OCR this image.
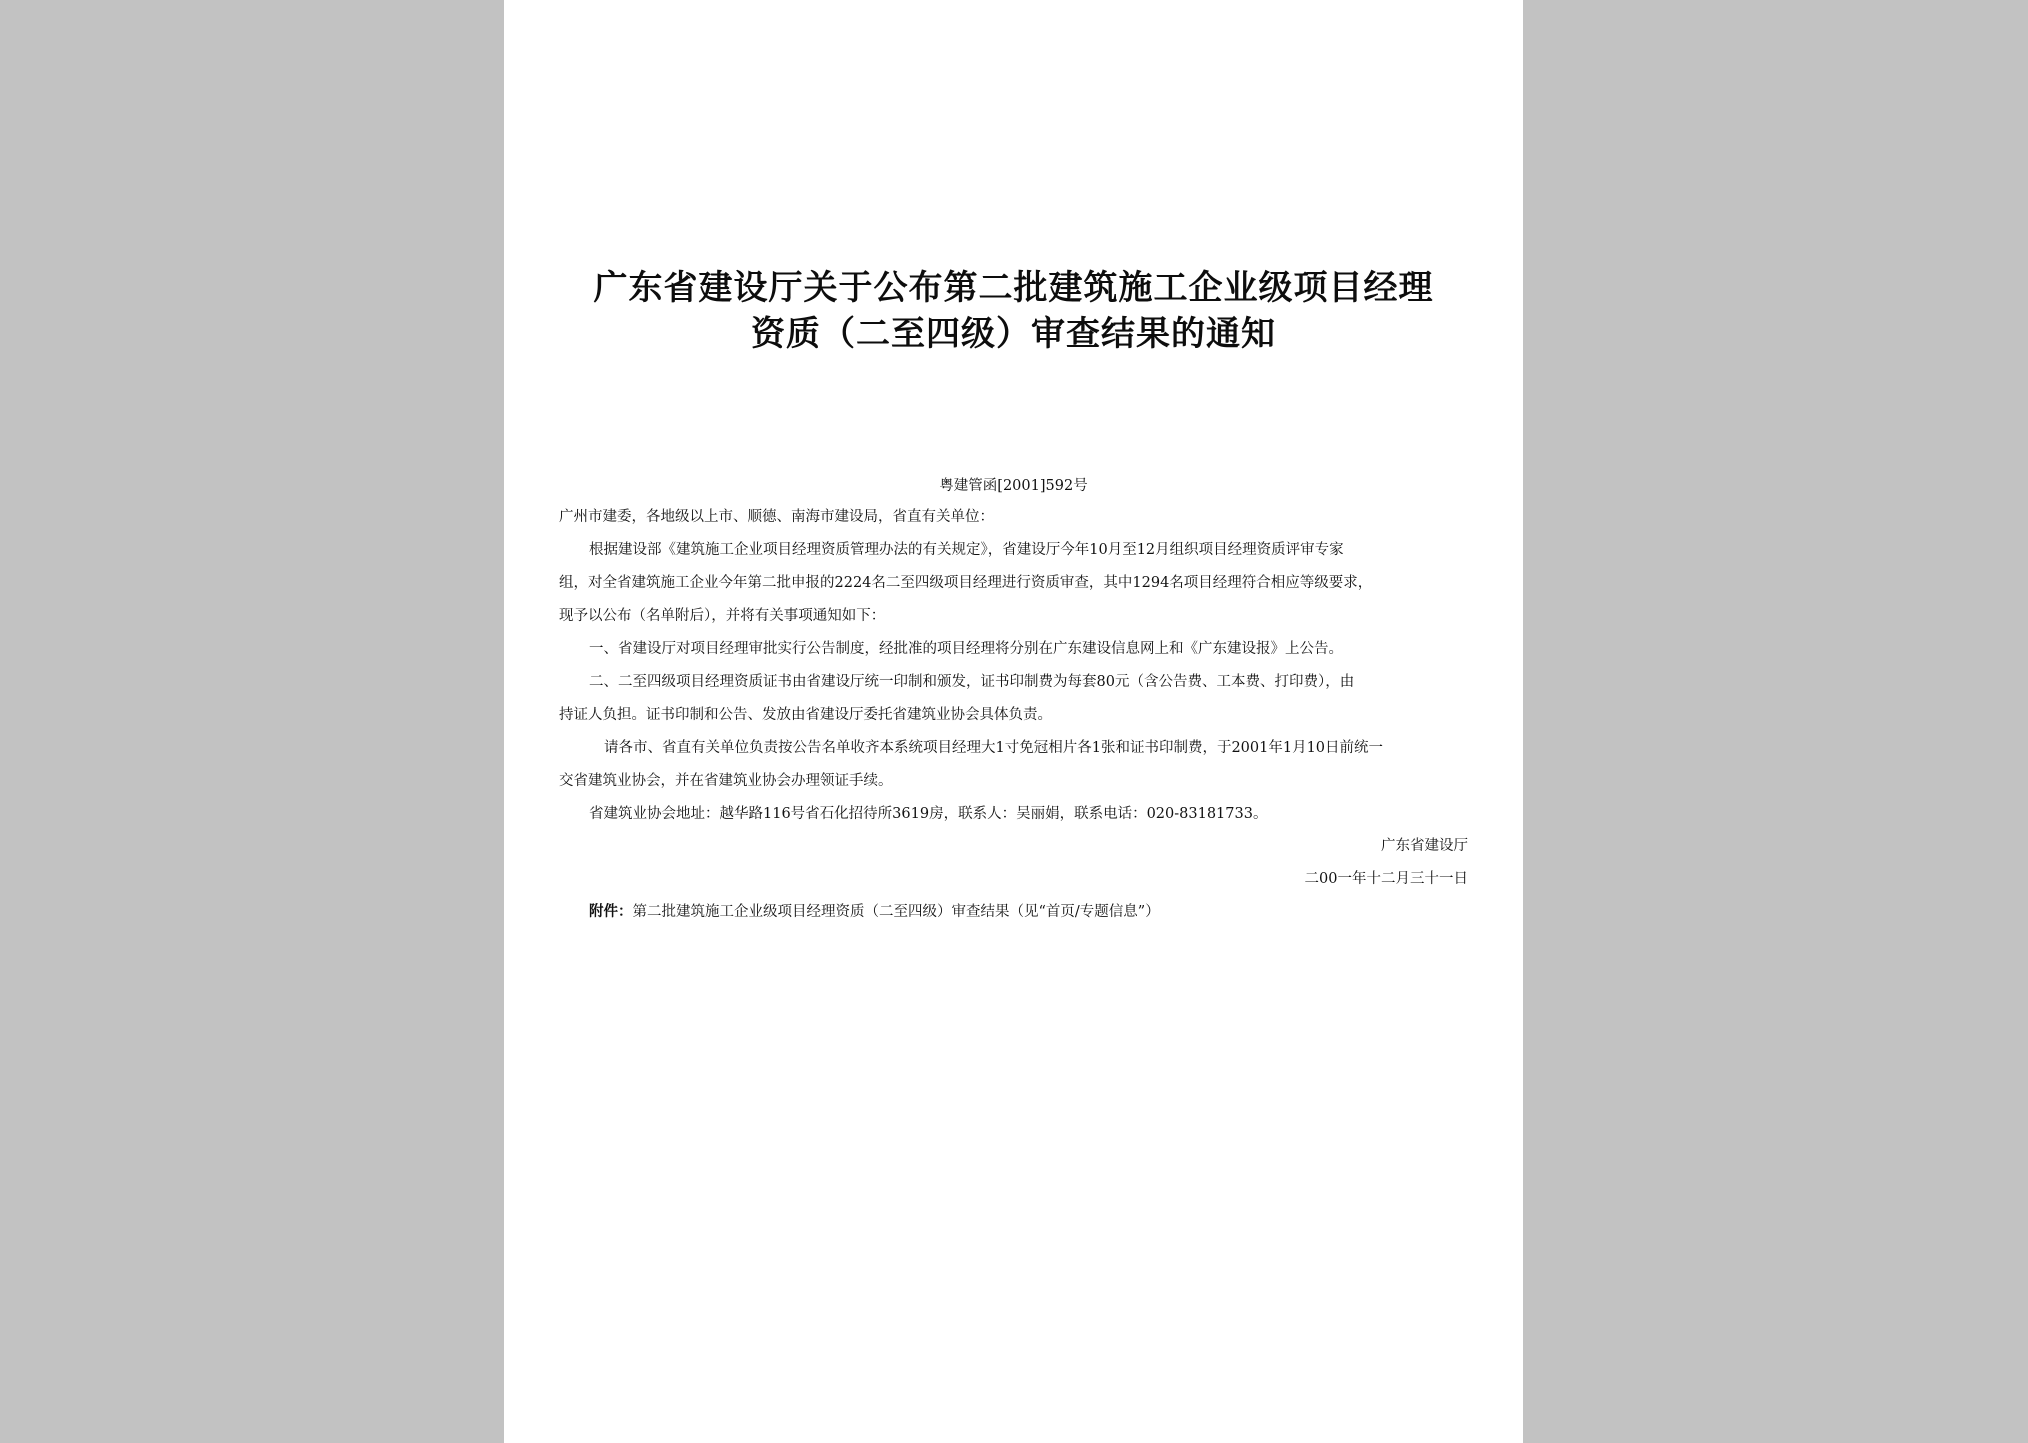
广东省建设厅关于公布第二批建筑施工企业级项目经理
资质（二至四级）审查结果的通知
粤建管函[2001]592号
广州市建委，各地级以上市、顺德、南海市建设局，省直有关单位：
根据建设部《建筑施工企业项目经理资质管理办法的有关规定》，省建设厅今年10月至12月组织项目经理资质评审专家
组，对全省建筑施工企业今年第二批申报的2224名二至四级项目经理进行资质审查，其中1294名项目经理符合相应等级要求，
现予以公布（名单附后），并将有关事项通知如下：
一、省建设厅对项目经理审批实行公告制度，经批准的项目经理将分别在广东建设信息网上和《广东建设报》上公告。
二、二至四级项目经理资质证书由省建设厅统一印制和颁发，证书印制费为每套80元（含公告费、工本费、打印费），由
持证人负担。证书印制和公告、发放由省建设厅委托省建筑业协会具体负责。
请各市、省直有关单位负责按公告名单收齐本系统项目经理大1寸免冠相片各1张和证书印制费，于2001年1月10日前统一
交省建筑业协会，并在省建筑业协会办理领证手续。
省建筑业协会地址：越华路116号省石化招待所3619房，联系人：吴丽娟，联系电话：020-83181733。
广东省建设厅
二00一年十二月三十一日
附件：第二批建筑施工企业级项目经理资质（二至四级）审查结果（见“首页/专题信息”）
